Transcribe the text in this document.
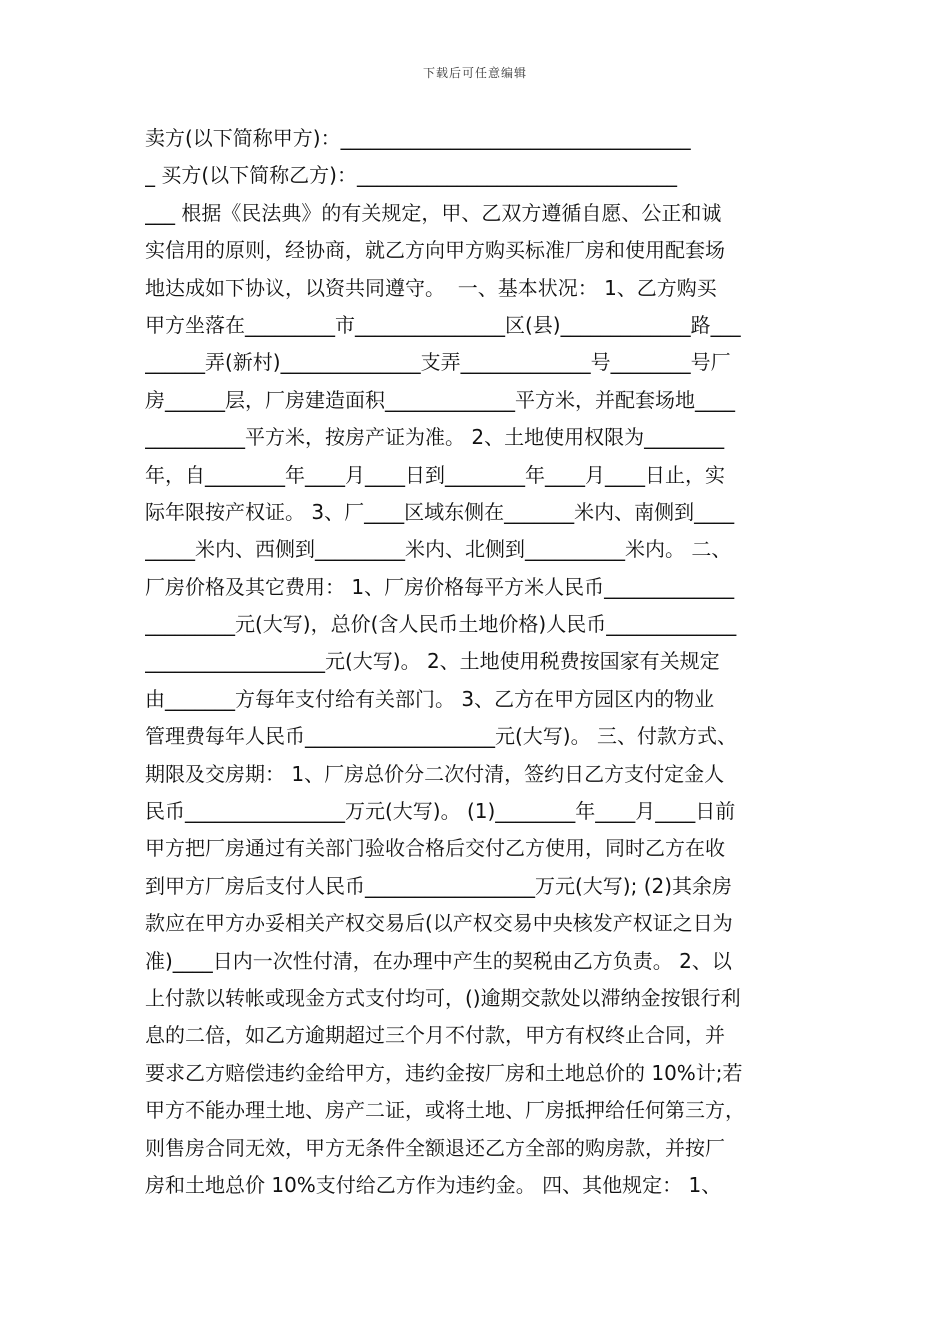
下载后可任意编辑
卖方(以下简称甲方)：___________________________________
_ 买方(以下简称乙方)：________________________________
___ 根据《民法典》的有关规定，甲、乙双方遵循自愿、公正和诚
实信用的原则，经协商，就乙方向甲方购买标准厂房和使用配套场
地达成如下协议，以资共同遵守。  一、基本状况： 1、乙方购买
甲方坐落在_________市_______________区(县)_____________路___
______弄(新村)______________支弄_____________号________号厂
房______层，厂房建造面积_____________平方米，并配套场地____
__________平方米，按房产证为准。 2、土地使用权限为________
年，自________年____月____日到________年____月____日止，实
际年限按产权证。 3、厂____区域东侧在_______米内、南侧到____
_____米内、西侧到_________米内、北侧到__________米内。 二、
厂房价格及其它费用： 1、厂房价格每平方米人民币_____________
_________元(大写)，总价(含人民币土地价格)人民币_____________
__________________元(大写)。 2、土地使用税费按国家有关规定
由_______方每年支付给有关部门。 3、乙方在甲方园区内的物业
管理费每年人民币___________________元(大写)。 三、付款方式、
期限及交房期： 1、厂房总价分二次付清，签约日乙方支付定金人
民币________________万元(大写)。 (1)________年____月____日前
甲方把厂房通过有关部门验收合格后交付乙方使用，同时乙方在收
到甲方厂房后支付人民币_________________万元(大写); (2)其余房
款应在甲方办妥相关产权交易后(以产权交易中央核发产权证之日为
准)____日内一次性付清，在办理中产生的契税由乙方负责。 2、以
上付款以转帐或现金方式支付均可，()逾期交款处以滞纳金按银行利
息的二倍，如乙方逾期超过三个月不付款，甲方有权终止合同，并
要求乙方赔偿违约金给甲方，违约金按厂房和土地总价的 10%计;若
甲方不能办理土地、房产二证，或将土地、厂房抵押给任何第三方，
则售房合同无效，甲方无条件全额退还乙方全部的购房款，并按厂
房和土地总价 10%支付给乙方作为违约金。 四、其他规定： 1、
